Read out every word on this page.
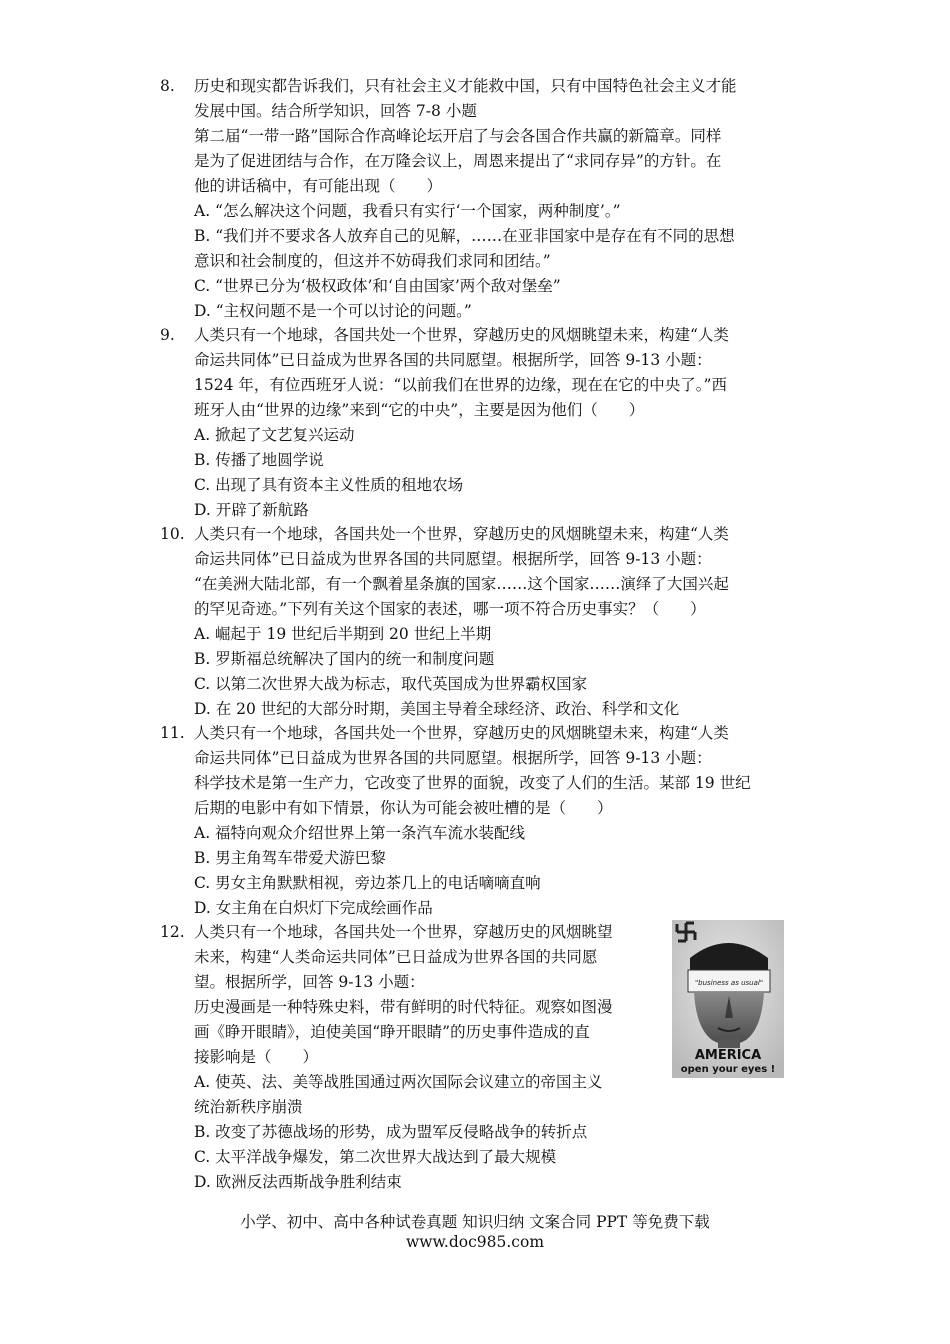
8.	历史和现实都告诉我们，只有社会主义才能救中国，只有中国特色社会主义才能
发展中国。结合所学知识，回答 7-8 小题
第二届“一带一路”国际合作高峰论坛开启了与会各国合作共赢的新篇章。同样
是为了促进团结与合作，在万隆会议上，周恩来提出了“求同存异”的方针。在
他的讲话稿中，有可能出现（　　）
A. “怎么解决这个问题，我看只有实行‘一个国家，两种制度’。”
B. “我们并不要求各人放弃自己的见解，……在亚非国家中是存在有不同的思想
意识和社会制度的，但这并不妨碍我们求同和团结。”
C. “世界已分为‘极权政体’和‘自由国家’两个敌对堡垒”
D. “主权问题不是一个可以讨论的问题。”
9.	人类只有一个地球，各国共处一个世界，穿越历史的风烟眺望未来，构建“人类
命运共同体”已日益成为世界各国的共同愿望。根据所学，回答 9-13 小题：
1524 年，有位西班牙人说：“以前我们在世界的边缘，现在在它的中央了。”西
班牙人由“世界的边缘”来到“它的中央”，主要是因为他们（　　）
A. 掀起了文艺复兴运动
B. 传播了地圆学说
C. 出现了具有资本主义性质的租地农场
D. 开辟了新航路
10. 人类只有一个地球，各国共处一个世界，穿越历史的风烟眺望未来，构建“人类
命运共同体”已日益成为世界各国的共同愿望。根据所学，回答 9-13 小题：
“在美洲大陆北部，有一个飘着星条旗的国家……这个国家……演绎了大国兴起
的罕见奇迹。”下列有关这个国家的表述，哪一项不符合历史事实？（　　）
A. 崛起于 19 世纪后半期到 20 世纪上半期
B. 罗斯福总统解决了国内的统一和制度问题
C. 以第二次世界大战为标志，取代英国成为世界霸权国家
D. 在 20 世纪的大部分时期，美国主导着全球经济、政治、科学和文化
11. 人类只有一个地球，各国共处一个世界，穿越历史的风烟眺望未来，构建“人类
命运共同体”已日益成为世界各国的共同愿望。根据所学，回答 9-13 小题：
科学技术是第一生产力，它改变了世界的面貌，改变了人们的生活。某部 19 世纪
后期的电影中有如下情景，你认为可能会被吐槽的是（　　）
A. 福特向观众介绍世界上第一条汽车流水装配线
B. 男主角驾车带爱犬游巴黎
C. 男女主角默默相视，旁边茶几上的电话嘀嘀直响
D. 女主角在白炽灯下完成绘画作品
12. 人类只有一个地球，各国共处一个世界，穿越历史的风烟眺望
未来，构建“人类命运共同体”已日益成为世界各国的共同愿
望。根据所学，回答 9-13 小题：
历史漫画是一种特殊史料，带有鲜明的时代特征。观察如图漫
画《睁开眼睛》，迫使美国“睁开眼睛”的历史事件造成的直
接影响是（　　）
A. 使英、法、美等战胜国通过两次国际会议建立的帝国主义
统治新秩序崩溃
B. 改变了苏德战场的形势，成为盟军反侵略战争的转折点
C. 太平洋战争爆发，第二次世界大战达到了最大规模
D. 欧洲反法西斯战争胜利结束
"business as usual"
AMERICA
open your eyes !
小学、初中、高中各种试卷真题 知识归纳 文案合同 PPT 等免费下载
www.doc985.com
